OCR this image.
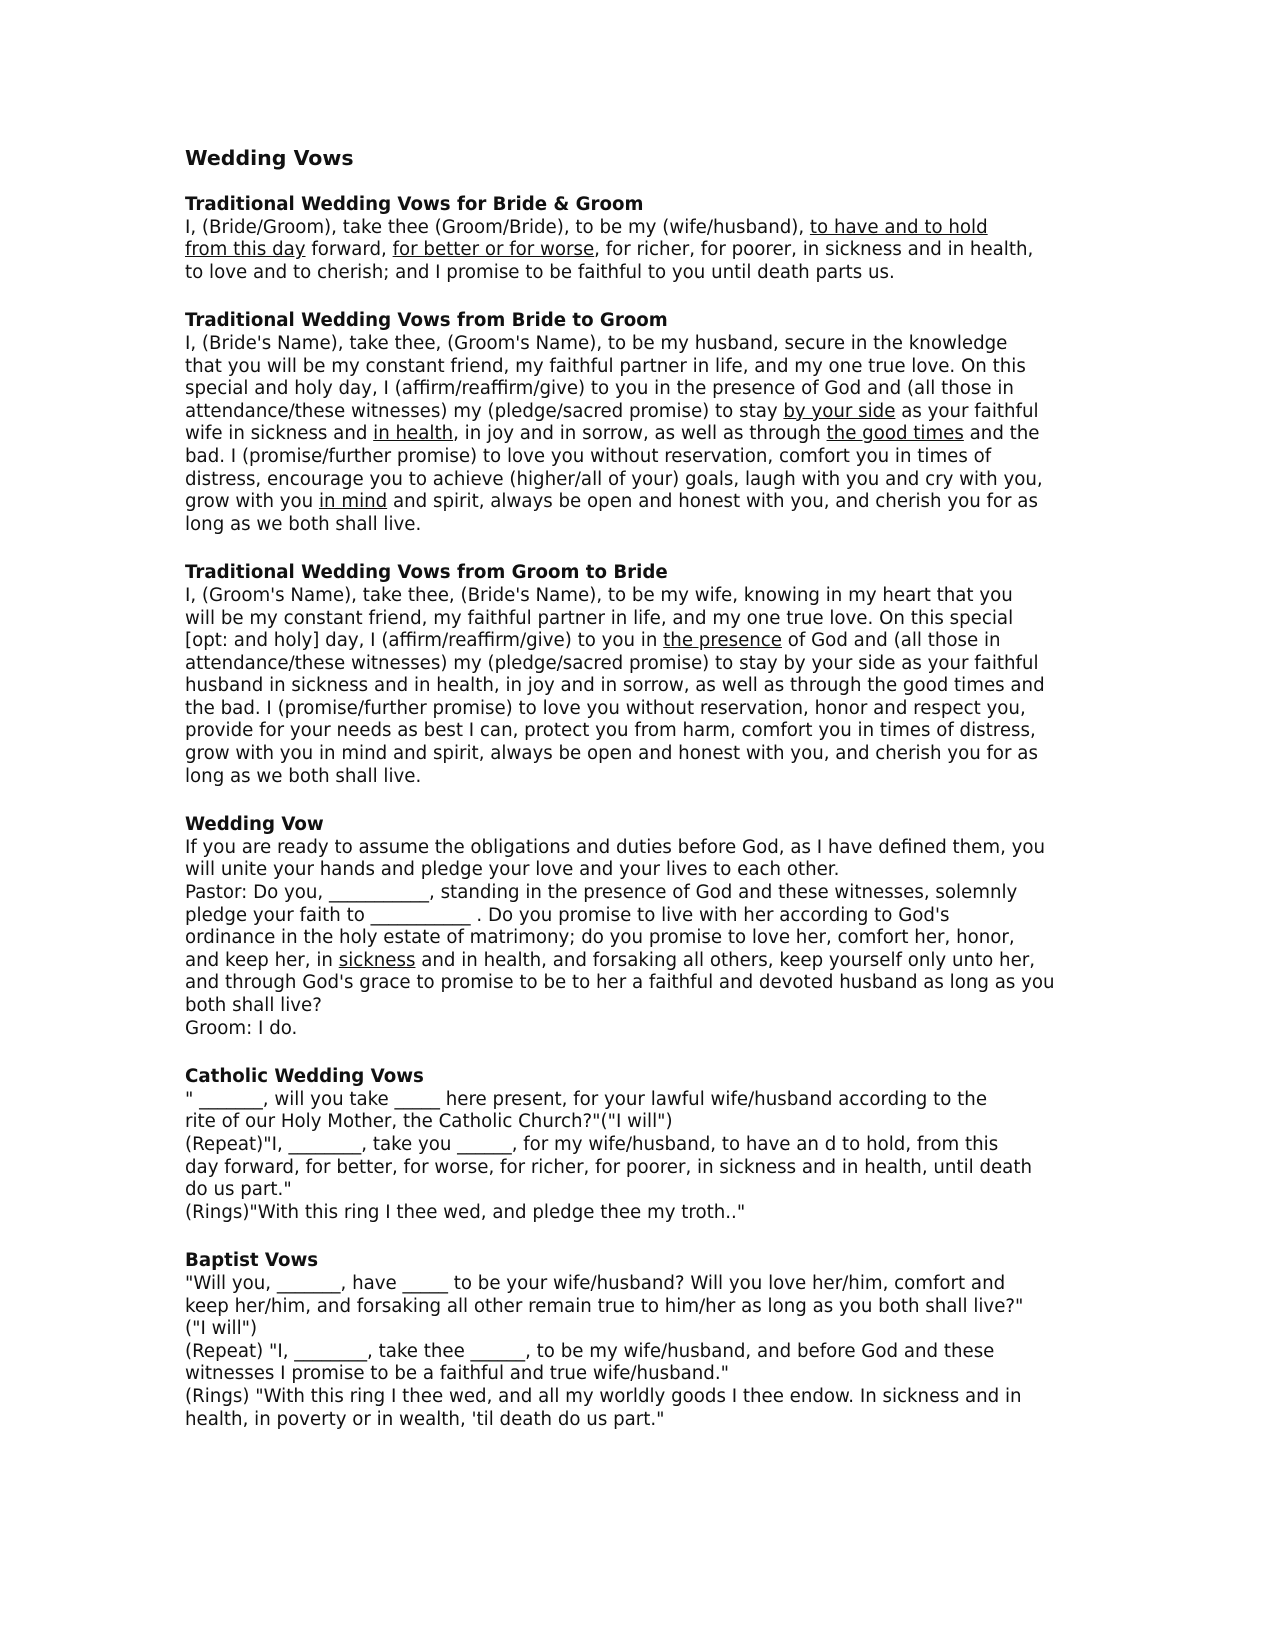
Wedding Vows
Traditional Wedding Vows for Bride & Groom
I, (Bride/Groom), take thee (Groom/Bride), to be my (wife/husband), to have and to hold
from this day forward, for better or for worse, for richer, for poorer, in sickness and in health,
to love and to cherish; and I promise to be faithful to you until death parts us.
Traditional Wedding Vows from Bride to Groom
I, (Bride's Name), take thee, (Groom's Name), to be my husband, secure in the knowledge
that you will be my constant friend, my faithful partner in life, and my one true love. On this
special and holy day, I (affirm/reaffirm/give) to you in the presence of God and (all those in
attendance/these witnesses) my (pledge/sacred promise) to stay by your side as your faithful
wife in sickness and in health, in joy and in sorrow, as well as through the good times and the
bad. I (promise/further promise) to love you without reservation, comfort you in times of
distress, encourage you to achieve (higher/all of your) goals, laugh with you and cry with you,
grow with you in mind and spirit, always be open and honest with you, and cherish you for as
long as we both shall live.
Traditional Wedding Vows from Groom to Bride
I, (Groom's Name), take thee, (Bride's Name), to be my wife, knowing in my heart that you
will be my constant friend, my faithful partner in life, and my one true love. On this special
[opt: and holy] day, I (affirm/reaffirm/give) to you in the presence of God and (all those in
attendance/these witnesses) my (pledge/sacred promise) to stay by your side as your faithful
husband in sickness and in health, in joy and in sorrow, as well as through the good times and
the bad. I (promise/further promise) to love you without reservation, honor and respect you,
provide for your needs as best I can, protect you from harm, comfort you in times of distress,
grow with you in mind and spirit, always be open and honest with you, and cherish you for as
long as we both shall live.
Wedding Vow
If you are ready to assume the obligations and duties before God, as I have defined them, you
will unite your hands and pledge your love and your lives to each other.
Pastor: Do you, ___________, standing in the presence of God and these witnesses, solemnly
pledge your faith to ___________ . Do you promise to live with her according to God's
ordinance in the holy estate of matrimony; do you promise to love her, comfort her, honor,
and keep her, in sickness and in health, and forsaking all others, keep yourself only unto her,
and through God's grace to promise to be to her a faithful and devoted husband as long as you
both shall live?
Groom: I do.
Catholic Wedding Vows
" _______, will you take _____ here present, for your lawful wife/husband according to the
rite of our Holy Mother, the Catholic Church?"("I will")
(Repeat)"I, ________, take you ______, for my wife/husband, to have an d to hold, from this
day forward, for better, for worse, for richer, for poorer, in sickness and in health, until death
do us part."
(Rings)"With this ring I thee wed, and pledge thee my troth.."
Baptist Vows
"Will you, _______, have _____ to be your wife/husband? Will you love her/him, comfort and
keep her/him, and forsaking all other remain true to him/her as long as you both shall live?"
("I will")
(Repeat) "I, ________, take thee ______, to be my wife/husband, and before God and these
witnesses I promise to be a faithful and true wife/husband."
(Rings) "With this ring I thee wed, and all my worldly goods I thee endow. In sickness and in
health, in poverty or in wealth, 'til death do us part."
